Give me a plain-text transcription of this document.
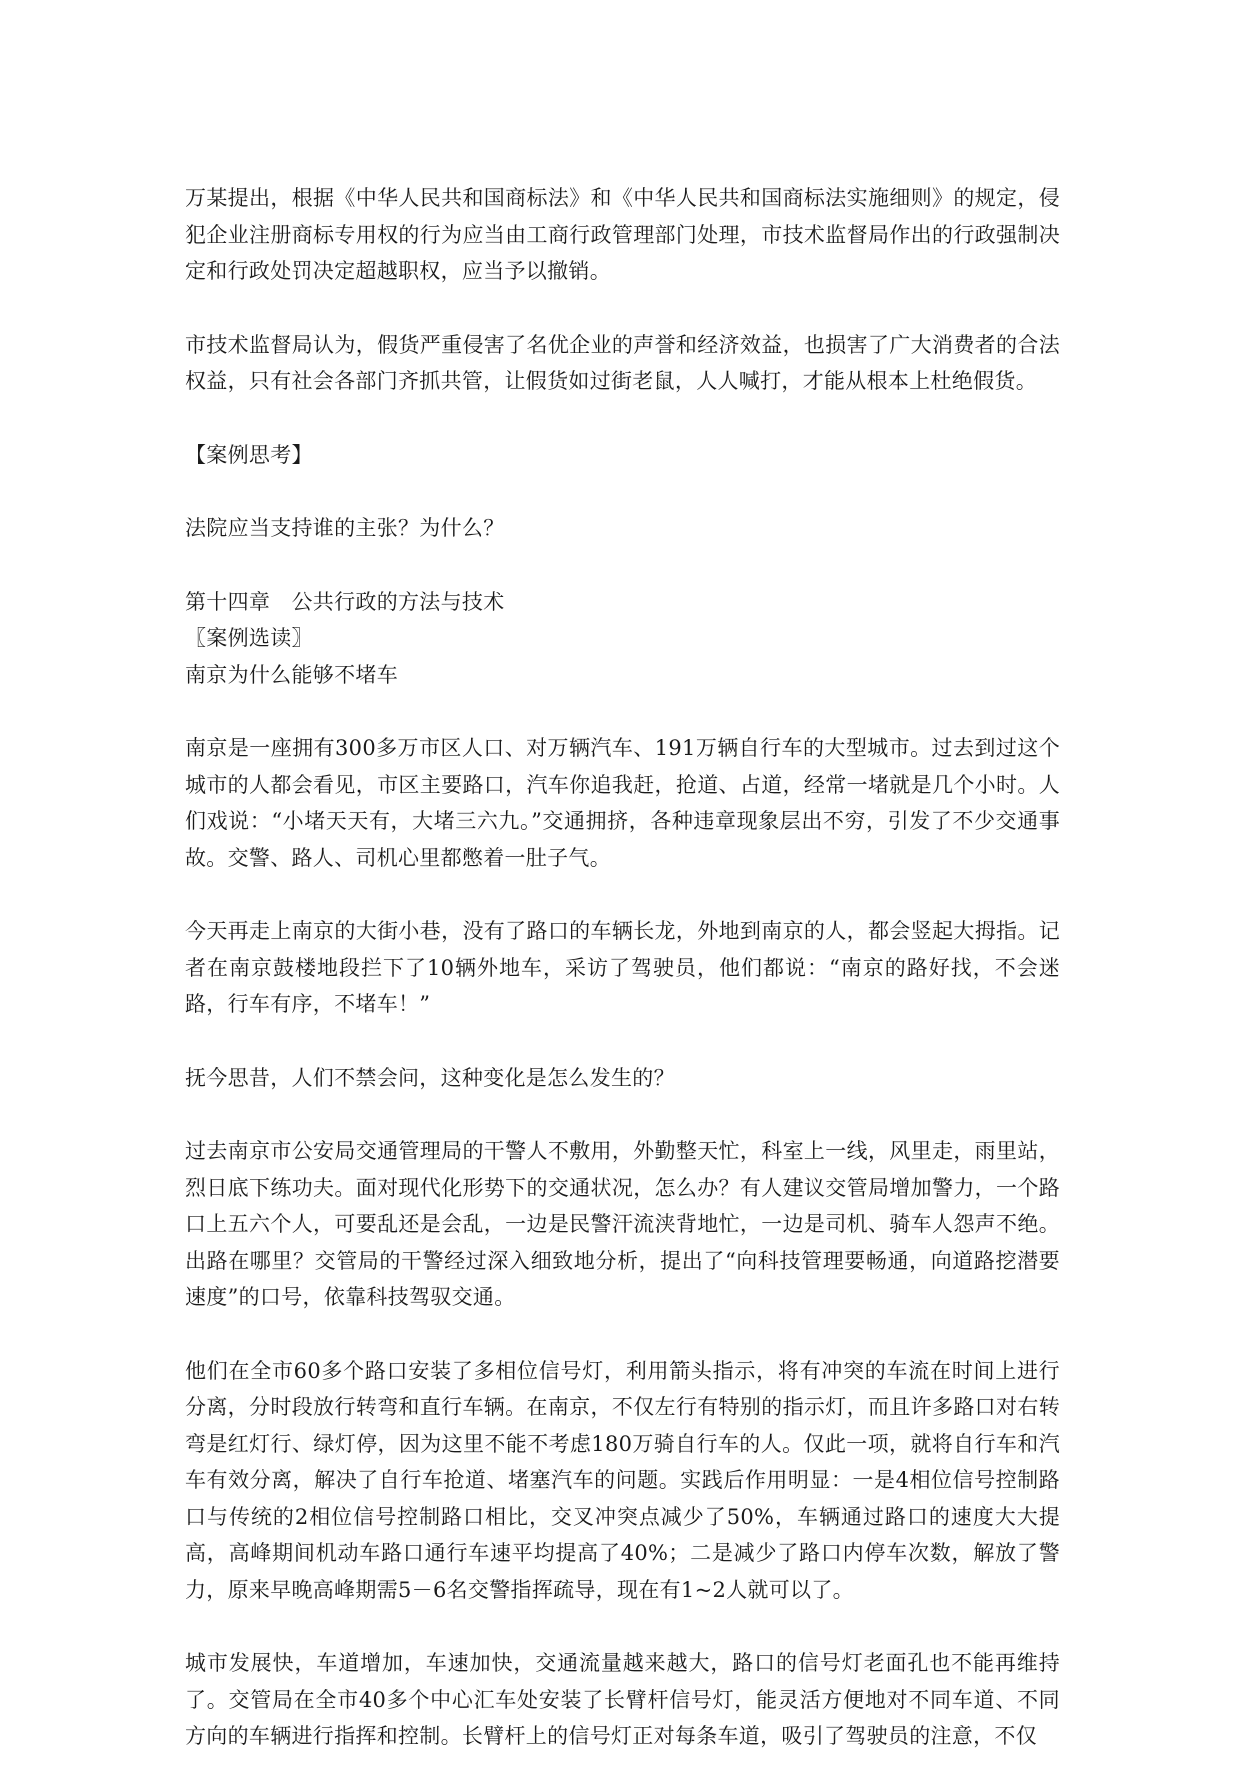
万某提出，根据《中华人民共和国商标法》和《中华人民共和国商标法实施细则》的规定，侵犯企业注册商标专用权的行为应当由工商行政管理部门处理，市技术监督局作出的行政强制决定和行政处罚决定超越职权，应当予以撤销。

市技术监督局认为，假货严重侵害了名优企业的声誉和经济效益，也损害了广大消费者的合法权益，只有社会各部门齐抓共管，让假货如过街老鼠，人人喊打，才能从根本上杜绝假货。

【案例思考】

法院应当支持谁的主张？为什么？

第十四章　公共行政的方法与技术
〖案例选读〗
南京为什么能够不堵车

南京是一座拥有300多万市区人口、对万辆汽车、191万辆自行车的大型城市。过去到过这个城市的人都会看见，市区主要路口，汽车你追我赶，抢道、占道，经常一堵就是几个小时。人们戏说：“小堵天天有，大堵三六九。”交通拥挤，各种违章现象层出不穷，引发了不少交通事故。交警、路人、司机心里都憋着一肚子气。

今天再走上南京的大街小巷，没有了路口的车辆长龙，外地到南京的人，都会竖起大拇指。记者在南京鼓楼地段拦下了10辆外地车，采访了驾驶员，他们都说：“南京的路好找，不会迷路，行车有序，不堵车！”

抚今思昔，人们不禁会问，这种变化是怎么发生的？

过去南京市公安局交通管理局的干警人不敷用，外勤整天忙，科室上一线，风里走，雨里站，烈日底下练功夫。面对现代化形势下的交通状况，怎么办？有人建议交管局增加警力，一个路口上五六个人，可要乱还是会乱，一边是民警汗流浃背地忙，一边是司机、骑车人怨声不绝。出路在哪里？交管局的干警经过深入细致地分析，提出了“向科技管理要畅通，向道路挖潜要速度”的口号，依靠科技驾驭交通。

他们在全市60多个路口安装了多相位信号灯，利用箭头指示，将有冲突的车流在时间上进行分离，分时段放行转弯和直行车辆。在南京，不仅左行有特别的指示灯，而且许多路口对右转弯是红灯行、绿灯停，因为这里不能不考虑180万骑自行车的人。仅此一项，就将自行车和汽车有效分离，解决了自行车抢道、堵塞汽车的问题。实践后作用明显：一是4相位信号控制路口与传统的2相位信号控制路口相比，交叉冲突点减少了50%，车辆通过路口的速度大大提高，高峰期间机动车路口通行车速平均提高了40%；二是减少了路口内停车次数，解放了警力，原来早晚高峰期需5－6名交警指挥疏导，现在有1~2人就可以了。

城市发展快，车道增加，车速加快，交通流量越来越大，路口的信号灯老面孔也不能再维持了。交管局在全市40多个中心汇车处安装了长臂杆信号灯，能灵活方便地对不同车道、不同方向的车辆进行指挥和控制。长臂杆上的信号灯正对每条车道，吸引了驾驶员的注意，不仅
